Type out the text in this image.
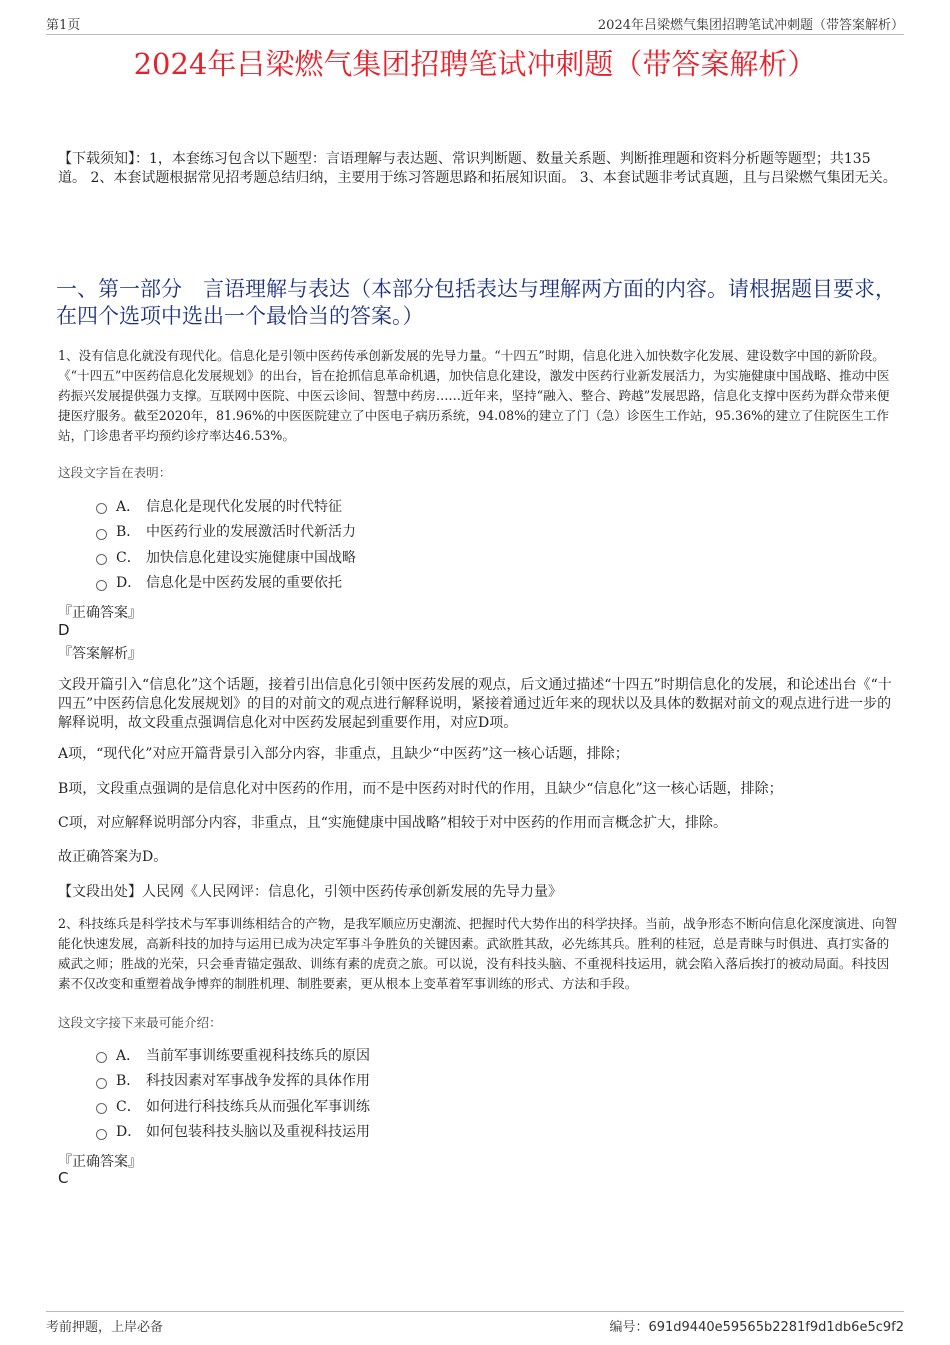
第1页	2024年吕梁燃气集团招聘笔试冲刺题（带答案解析）
2024年吕梁燃气集团招聘笔试冲刺题（带答案解析）
【下载须知】：1，本套练习包含以下题型：言语理解与表达题、常识判断题、数量关系题、判断推理题和资料分析题等题型；共135道。 2、本套试题根据常见招考题总结归纳，主要用于练习答题思路和拓展知识面。 3、本套试题非考试真题，且与吕梁燃气集团无关。
一、第一部分　言语理解与表达（本部分包括表达与理解两方面的内容。请根据题目要求，在四个选项中选出一个最恰当的答案。）
1、没有信息化就没有现代化。信息化是引领中医药传承创新发展的先导力量。“十四五”时期，信息化进入加快数字化发展、建设数字中国的新阶段。《“十四五”中医药信息化发展规划》的出台，旨在抢抓信息革命机遇，加快信息化建设，激发中医药行业新发展活力，为实施健康中国战略、推动中医药振兴发展提供强力支撑。互联网中医院、中医云诊间、智慧中药房……近年来，坚持“融入、整合、跨越”发展思路，信息化支撑中医药为群众带来便捷医疗服务。截至2020年，81.96%的中医医院建立了中医电子病历系统，94.08%的建立了门（急）诊医生工作站，95.36%的建立了住院医生工作站，门诊患者平均预约诊疗率达46.53%。
这段文字旨在表明：
A． 信息化是现代化发展的时代特征
B． 中医药行业的发展激活时代新活力
C． 加快信息化建设实施健康中国战略
D． 信息化是中医药发展的重要依托
『正确答案』
D
『答案解析』
文段开篇引入“信息化”这个话题，接着引出信息化引领中医药发展的观点，后文通过描述“十四五”时期信息化的发展，和论述出台《“十四五”中医药信息化发展规划》的目的对前文的观点进行解释说明，紧接着通过近年来的现状以及具体的数据对前文的观点进行进一步的解释说明，故文段重点强调信息化对中医药发展起到重要作用，对应D项。
A项，“现代化”对应开篇背景引入部分内容，非重点，且缺少“中医药”这一核心话题，排除；
B项，文段重点强调的是信息化对中医药的作用，而不是中医药对时代的作用，且缺少“信息化”这一核心话题，排除；
C项，对应解释说明部分内容，非重点，且“实施健康中国战略”相较于对中医药的作用而言概念扩大，排除。
故正确答案为D。
【文段出处】人民网《人民网评：信息化，引领中医药传承创新发展的先导力量》
2、科技练兵是科学技术与军事训练相结合的产物，是我军顺应历史潮流、把握时代大势作出的科学抉择。当前，战争形态不断向信息化深度演进、向智能化快速发展，高新科技的加持与运用已成为决定军事斗争胜负的关键因素。武欲胜其敌，必先练其兵。胜利的桂冠，总是青睐与时俱进、真打实备的威武之师；胜战的光荣，只会垂青锚定强敌、训练有素的虎贲之旅。可以说，没有科技头脑、不重视科技运用，就会陷入落后挨打的被动局面。科技因素不仅改变和重塑着战争博弈的制胜机理、制胜要素，更从根本上变革着军事训练的形式、方法和手段。
这段文字接下来最可能介绍：
A． 当前军事训练要重视科技练兵的原因
B． 科技因素对军事战争发挥的具体作用
C． 如何进行科技练兵从而强化军事训练
D． 如何包装科技头脑以及重视科技运用
『正确答案』
C
考前押题，上岸必备	编号：691d9440e59565b2281f9d1db6e5c9f2
